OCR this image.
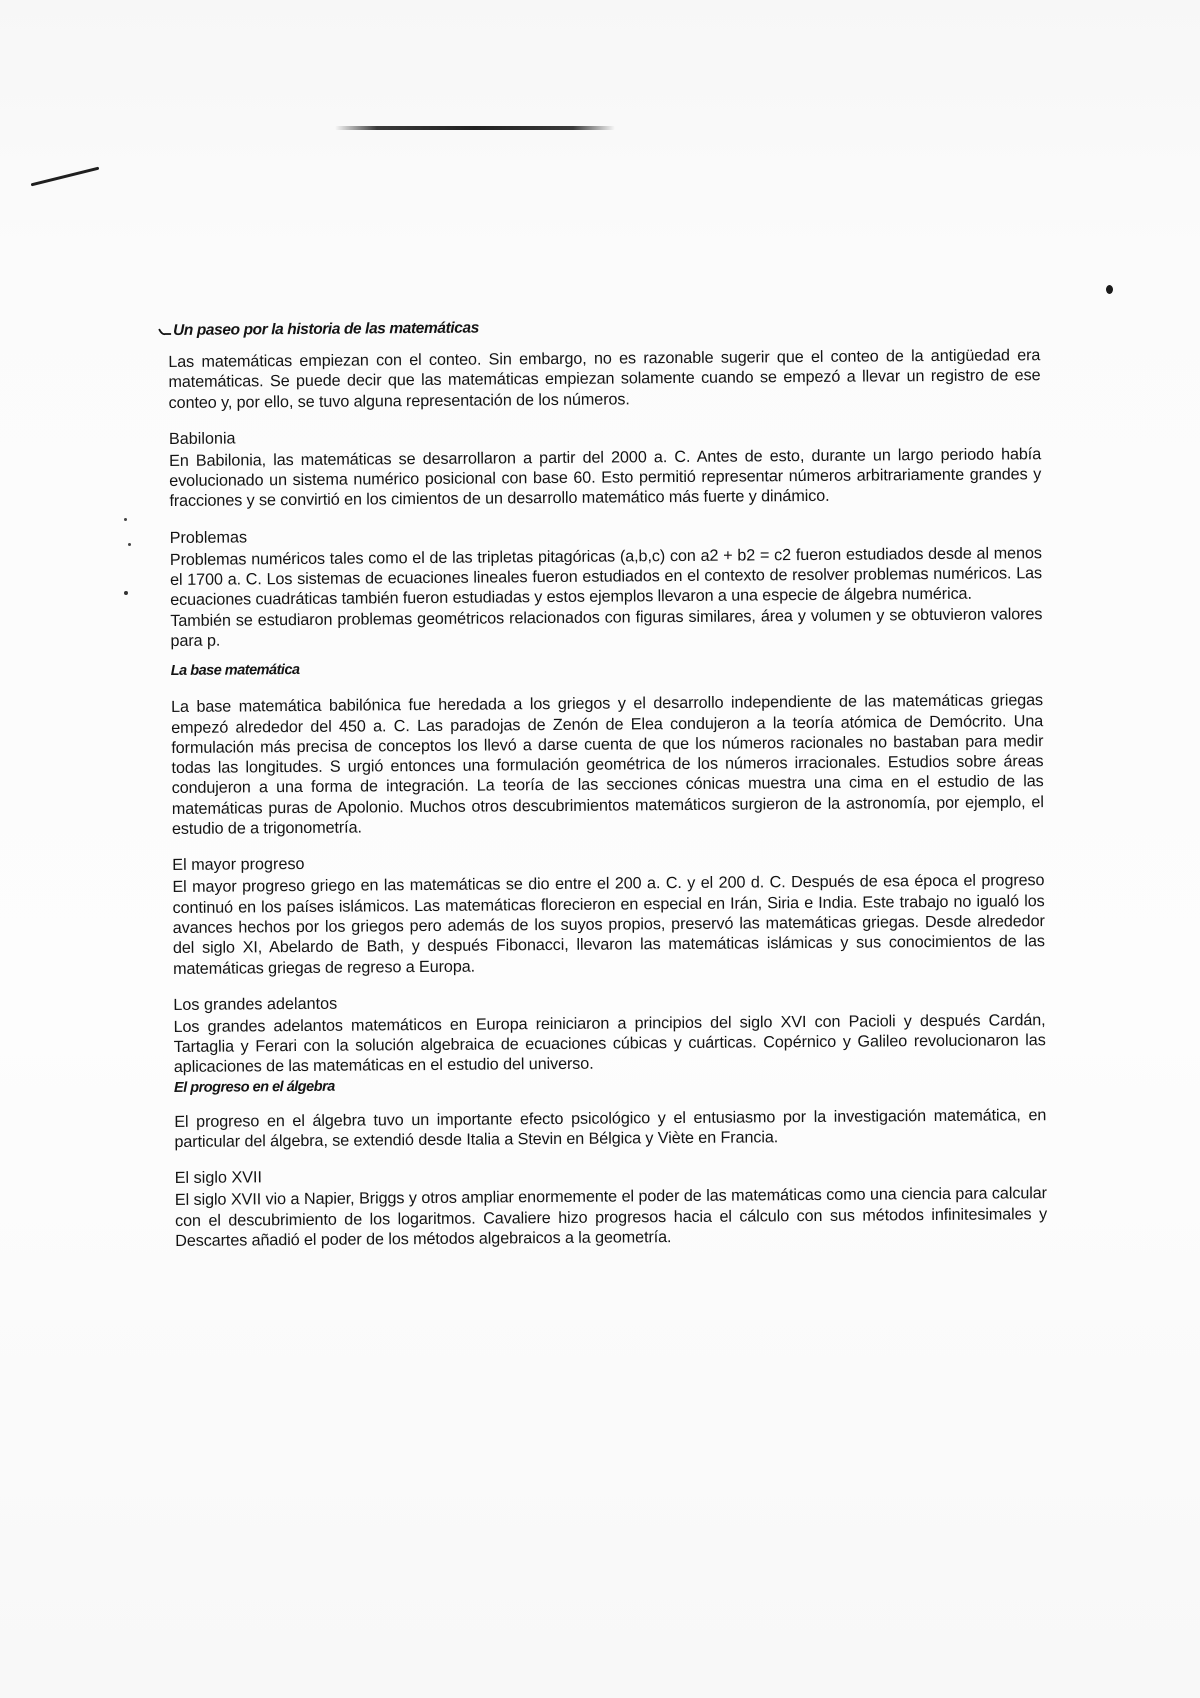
Un paseo por la historia de las matemáticas

Las matemáticas empiezan con el conteo. Sin embargo, no es razonable sugerir que el conteo de la antigüedad era matemáticas. Se puede decir que las matemáticas empiezan solamente cuando se empezó a llevar un registro de ese conteo y, por ello, se tuvo alguna representación de los números.

Babilonia

En Babilonia, las matemáticas se desarrollaron a partir del 2000 a. C. Antes de esto, durante un largo periodo había evolucionado un sistema numérico posicional con base 60. Esto permitió representar números arbitrariamente grandes y fracciones y se convirtió en los cimientos de un desarrollo matemático más fuerte y dinámico.

Problemas

Problemas numéricos tales como el de las tripletas pitagóricas (a,b,c) con a2 + b2 = c2 fueron estudiados desde al menos el 1700 a. C. Los sistemas de ecuaciones lineales fueron estudiados en el contexto de resolver problemas numéricos. Las ecuaciones cuadráticas también fueron estudiadas y estos ejemplos llevaron a una especie de álgebra numérica.

También se estudiaron problemas geométricos relacionados con figuras similares, área y volumen y se obtuvieron valores para p.

La base matemática

La base matemática babilónica fue heredada a los griegos y el desarrollo independiente de las matemáticas griegas empezó alrededor del 450 a. C. Las paradojas de Zenón de Elea condujeron a la teoría atómica de Demócrito. Una formulación más precisa de conceptos los llevó a darse cuenta de que los números racionales no bastaban para medir todas las longitudes. S urgió entonces una formulación geométrica de los números irracionales. Estudios sobre áreas condujeron a una forma de integración. La teoría de las secciones cónicas muestra una cima en el estudio de las matemáticas puras de Apolonio. Muchos otros descubrimientos matemáticos surgieron de la astronomía, por ejemplo, el estudio de a trigonometría.

El mayor progreso

El mayor progreso griego en las matemáticas se dio entre el 200 a. C. y el 200 d. C. Después de esa época el progreso continuó en los países islámicos. Las matemáticas florecieron en especial en Irán, Siria e India. Este trabajo no igualó los avances hechos por los griegos pero además de los suyos propios, preservó las matemáticas griegas. Desde alrededor del siglo XI, Abelardo de Bath, y después Fibonacci, llevaron las matemáticas islámicas y sus conocimientos de las matemáticas griegas de regreso a Europa.

Los grandes adelantos

Los grandes adelantos matemáticos en Europa reiniciaron a principios del siglo XVI con Pacioli y después Cardán, Tartaglia y Ferari con la solución algebraica de ecuaciones cúbicas y cuárticas. Copérnico y Galileo revolucionaron las aplicaciones de las matemáticas en el estudio del universo.

El progreso en el álgebra

El progreso en el álgebra tuvo un importante efecto psicológico y el entusiasmo por la investigación matemática, en particular del álgebra, se extendió desde Italia a Stevin en Bélgica y Viète en Francia.

El siglo XVII

El siglo XVII vio a Napier, Briggs y otros ampliar enormemente el poder de las matemáticas como una ciencia para calcular con el descubrimiento de los logaritmos. Cavaliere hizo progresos hacia el cálculo con sus métodos infinitesimales y Descartes añadió el poder de los métodos algebraicos a la geometría.
